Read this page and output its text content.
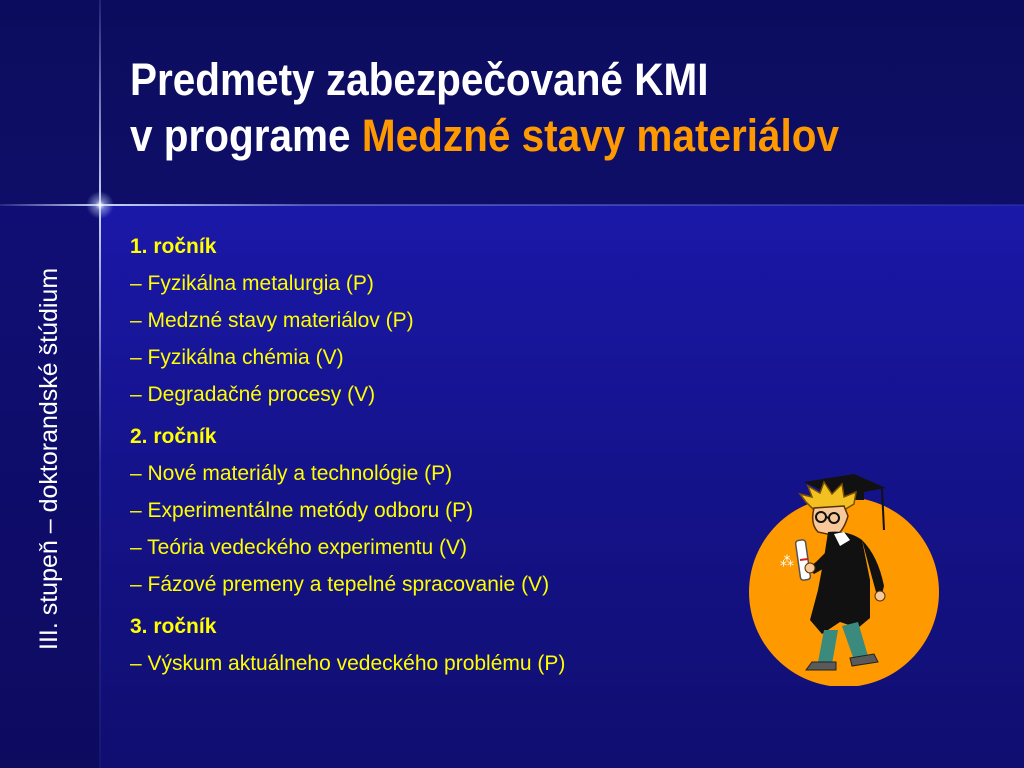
Predmety zabezpečované KMI
v programe Medzné stavy materiálov
III. stupeň – doktorandské štúdium
1. ročník
– Fyzikálna metalurgia (P)
– Medzné stavy materiálov (P)
– Fyzikálna chémia (V)
– Degradačné procesy (V)
2. ročník
– Nové materiály a technológie (P)
– Experimentálne metódy odboru (P)
– Teória vedeckého experimentu (V)
– Fázové premeny a tepelné spracovanie (V)
3. ročník
– Výskum aktuálneho vedeckého problému (P)
⁂
